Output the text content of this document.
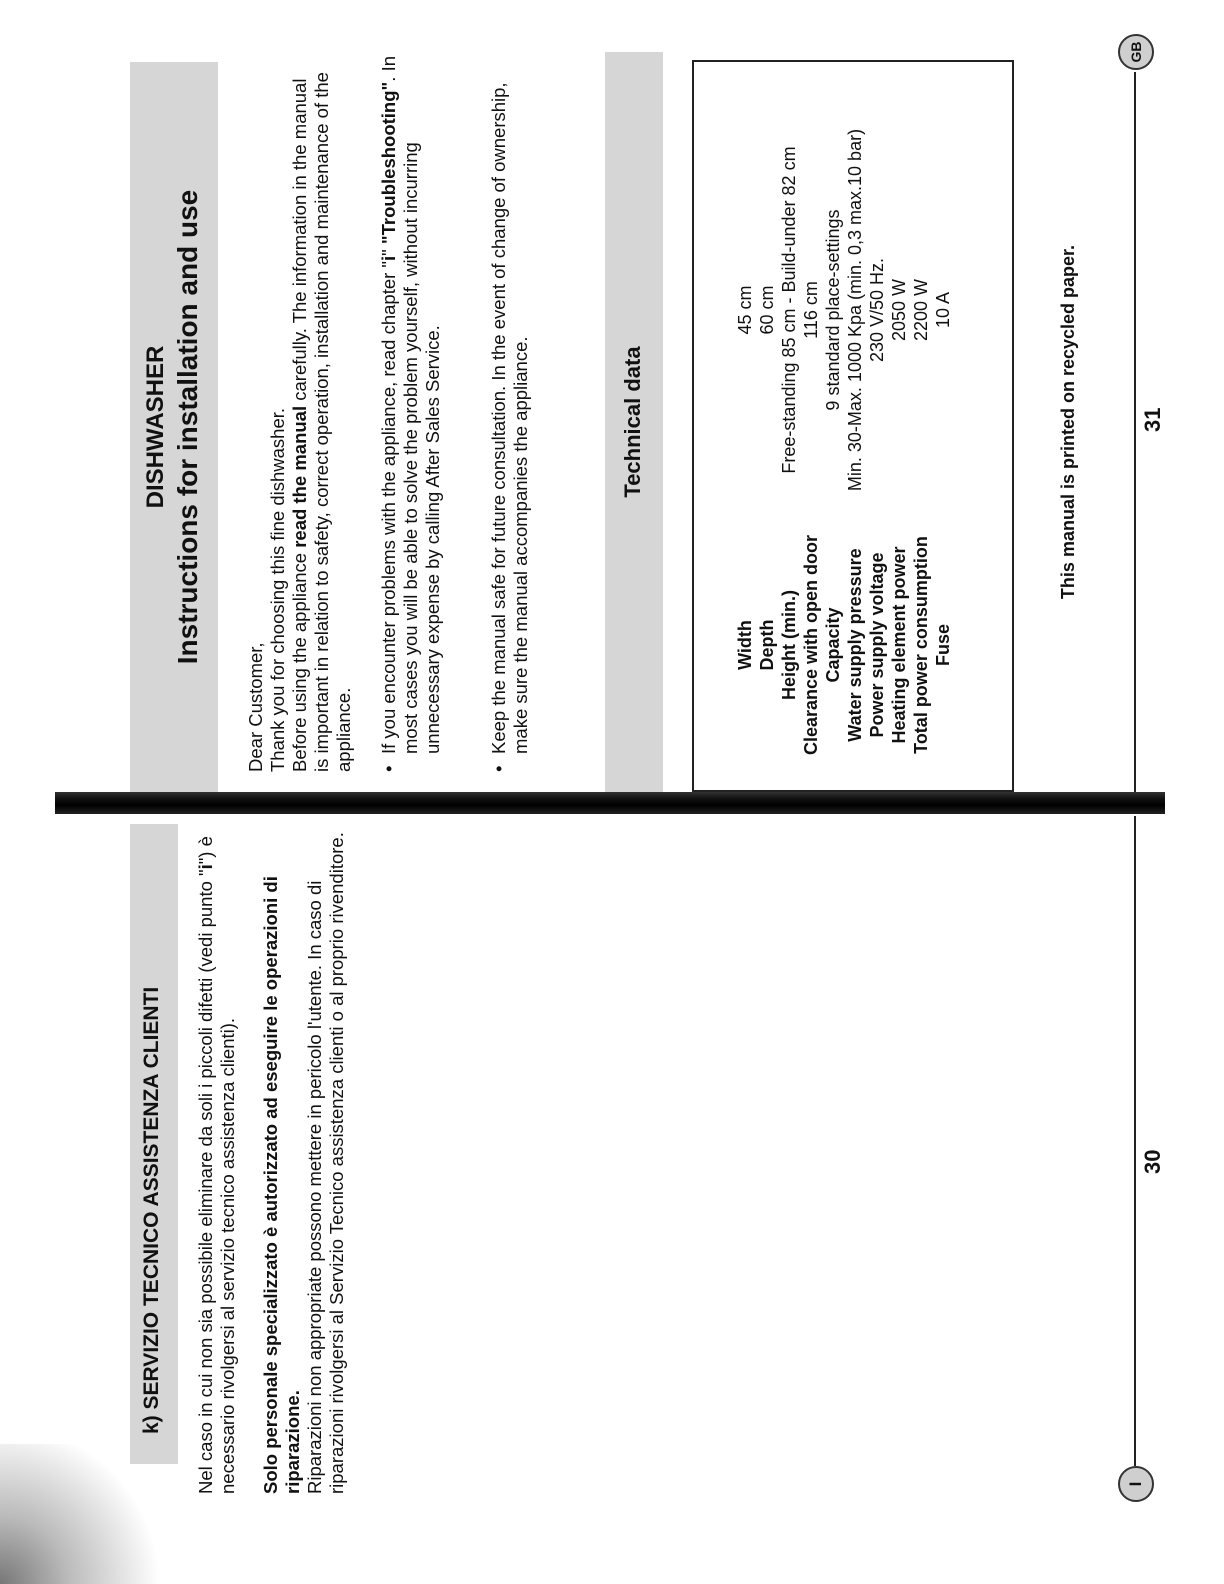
k) SERVIZIO TECNICO ASSISTENZA CLIENTI Nel caso in cui non sia possibile eliminare da soli i piccoli difetti (vedi punto "i") è necessario rivolgersi al servizio tecnico assistenza clienti). Solo personale specializzato è autorizzato ad eseguire le operazioni di riparazione. Riparazioni non appropriate possono mettere in pericolo l'utente. In caso di riparazioni rivolgersi al Servizio Tecnico assistenza clienti o al proprio rivenditore.	I
30
DISHWASHER Instructions for installation and use

Dear Customer, Thank you for choosing this fine dishwasher. Before using the appliance read the manual carefully. The information in the manual is important in relation to safety, correct operation, installation and maintenance of the appliance. •
If you encounter problems with the appliance, read chapter "i" "Troubleshooting". In most cases you will be able to solve the problem yourself, without incurring unnecessary expense by calling After Sales Service.
•
Keep the manual safe for future consultation. In the event of change of ownership, make sure the manual accompanies the appliance.	Technical data
Width	45 cm
Depth	60 cm
Height (min.)	Free-standing 85 cm - Build-under 82 cm
Clearance with open door	116 cm
Capacity	9 standard place-settings
Water supply pressure	Min. 30-Max. 1000 Kpa (min. 0,3 max.10 bar)
Power supply voltage	230 V/50 Hz.
Heating element power	2050 W
Total power consumption	2200 W
Fuse	10 A	This manual is printed on recycled paper.	31
GB
